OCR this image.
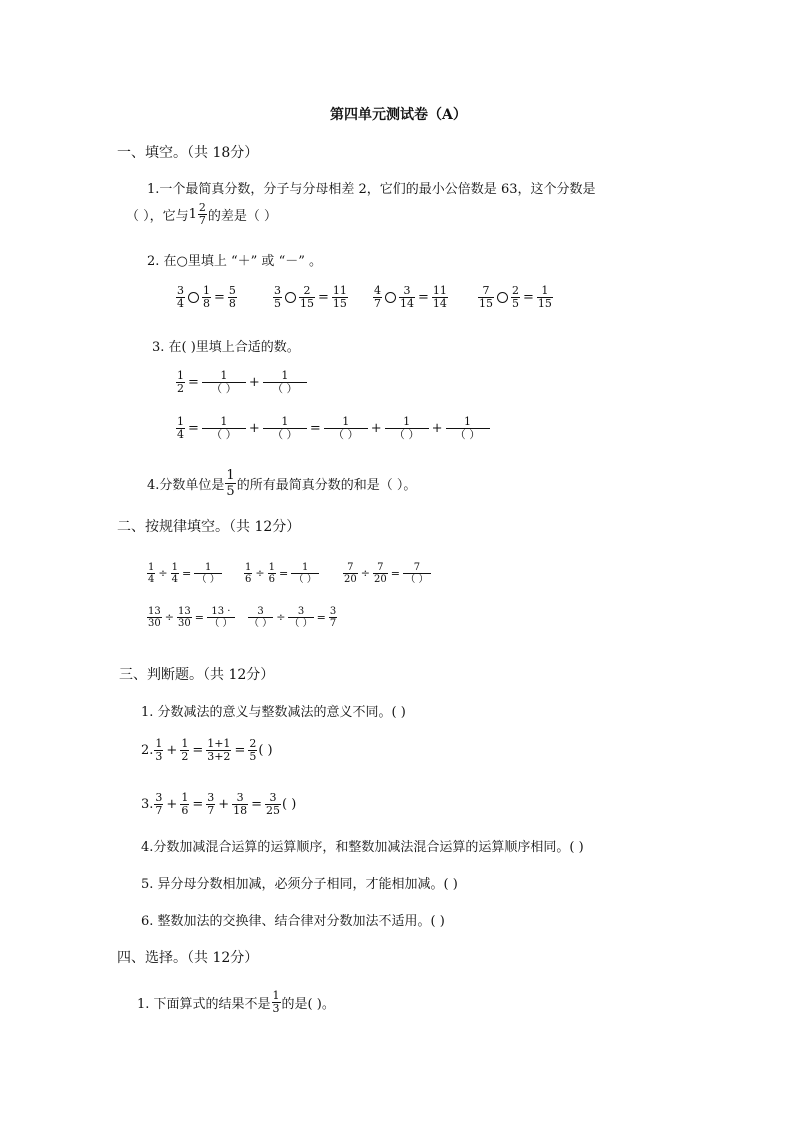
第四单元测试卷（A）
一、填空。（共 18分）
1.一个最简真分数，分子与分母相差 2，它们的最小公倍数是 63，这个分数是
（ ），它与 $1 \frac{2}{7}$ 的差是（ ）
2. 在○里填上 “＋” 或 “－” 。
$\frac{3}{4} \frac{1}{8} = \frac{5}{8}$	$\frac{3}{5} \frac{2}{15} = \frac{11}{15} \frac{4}{7} \frac{3}{14} = \frac{11}{14}$	$\frac{7}{15} \frac{2}{5} = \frac{1}{15}$
3. 在( )里填上合适的数。
$\frac{1}{2} = \frac{1}{( )} + \frac{1}{( )}$
$\frac{1}{4} = \frac{1}{( )} + \frac{1}{( )} = \frac{1}{( )} + \frac{1}{( )} + \frac{1}{( )}$
4.分数单位是 $\frac{1}{5}$ 的所有最简真分数的和是（ ）。
二、按规律填空。（共 12分）
$\frac{1}{4} \div \frac{1}{4} = \frac{1}{( )} \frac{1}{6} \div \frac{1}{6} = \frac{1}{( )} \frac{7}{20} \div \frac{7}{20} = \frac{7}{( )}$
$\frac{13}{30} \div \frac{13}{30} = \frac{13 \cdot}{( )} \frac{3}{( )} \div \frac{3}{( )} = \frac{3}{7}$
三、判断题。（共 12分）
1. 分数减法的意义与整数减法的意义不同。( )
2. $\frac{1}{3} + \frac{1}{2} = \frac{1+1}{3+2} = \frac{2}{5}$ ( )
3. $\frac{3}{7} + \frac{1}{6} = \frac{3}{7} + \frac{3}{18} = \frac{3}{25}$ ( )
4.分数加减混合运算的运算顺序，和整数加减法混合运算的运算顺序相同。( )
5. 异分母分数相加减，必须分子相同，才能相加减。( )
6. 整数加法的交换律、结合律对分数加法不适用。( )
四、选择。（共 12分）
1. 下面算式的结果不是 $\frac{1}{3}$ 的是( )。
